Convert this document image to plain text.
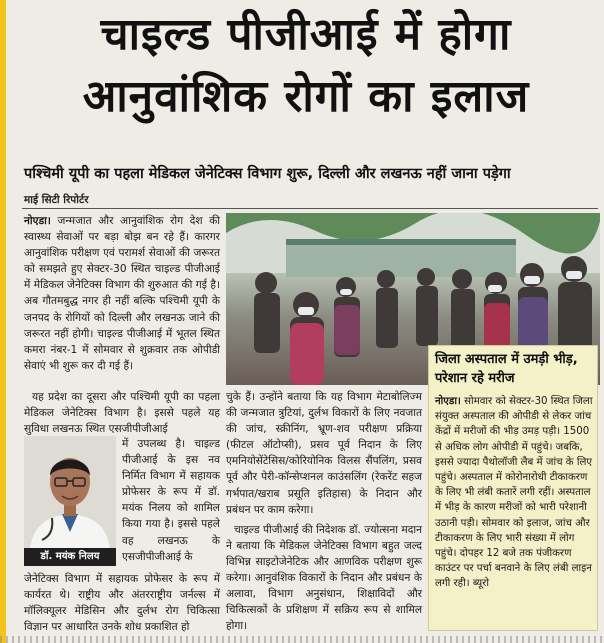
चाइल्ड पीजीआई में होगा आनुवांशिक रोगों का इलाज
पश्चिमी यूपी का पहला मेडिकल जेनेटिक्स विभाग शुरू, दिल्ली और लखनऊ नहीं जाना पड़ेगा
माई सिटी रिपोर्टर

नोएडा। जन्मजात और आनुवांशिक रोग देश की स्वास्थ्य सेवाओं पर बड़ा बोझ बन रहे हैं। कारगर आनुवांशिक परीक्षण एवं परामर्श सेवाओं की जरूरत को समझते हुए सेक्टर-30 स्थित चाइल्ड पीजीआई में मेडिकल जेनेटिक्स विभाग की शुरुआत की गई है। अब गौतमबुद्ध नगर ही नहीं बल्कि पश्चिमी यूपी के जनपद के रोगियों को दिल्ली और लखनऊ जाने की जरूरत नहीं होगी। चाइल्ड पीजीआई में भूतल स्थित कमरा नंबर-1 में सोमवार से शुक्रवार तक ओपीडी सेवाएं भी शुरू कर दी गई हैं।

यह प्रदेश का दूसरा और पश्चिमी यूपी का पहला मेडिकल जेनेटिक्स विभाग है। इससे पहले यह सुविधा लखनऊ स्थित एसजीपीजीआई

डॉ. मयंक निलय

में उपलब्ध है। चाइल्ड पीजीआई के इस नव निर्मित विभाग में सहायक प्रोफेसर के रूप में डॉ. मयंक निलय को शामिल किया गया है। इससे पहले वह लखनऊ के एसजीपीजीआई के

जेनेटिक्स विभाग में सहायक प्रोफेसर के रूप में कार्यरत थे। राष्ट्रीय और अंतरराष्ट्रीय जर्नल्स में मॉलिक्यूलर मेडिसिन और दुर्लभ रोग चिकित्सा विज्ञान पर आधारित उनके शोध प्रकाशित हो

चुके हैं। उन्होंने बताया कि यह विभाग मेटाबोलिज्म की जन्मजात त्रुटियां, दुर्लभ विकारों के लिए नवजात की जांच, स्क्रीनिंग, भ्रूण-शव परीक्षण प्रक्रिया (फीटल ऑटोप्सी), प्रसव पूर्व निदान के लिए एमनियोसेंटेसिस/कोरियोनिक विलस सैंपलिंग, प्रसव पूर्व और पेरी-कॉन्सेप्शनल काउंसलिंग (रेकरेंट सहज गर्भपात/खराब प्रसूति इतिहास) के निदान और प्रबंधन पर काम करेगा।

चाइल्ड पीजीआई की निदेशक डॉ. ज्योत्सना मदान ने बताया कि मेडिकल जेनेटिक्स विभाग बहुत जल्द विभिन्न साइटोजेनेटिक और आणविक परीक्षण शुरू करेगा। आनुवंशिक विकारों के निदान और प्रबंधन के अलावा, विभाग अनुसंधान, शिक्षाविदों और चिकित्सकों के प्रशिक्षण में सक्रिय रूप से शामिल होगा।

जिला अस्पताल में उमड़ी भीड़, परेशान रहे मरीज
नोएडा। सोमवार को सेक्टर-30 स्थित जिला संयुक्त अस्पताल की ओपीडी से लेकर जांच केंद्रों में मरीजों की भीड़ उमड़ पड़ी। 1500 से अधिक लोग ओपीडी में पहुंचे। जबकि, इससे ज्यादा पैथोलॉजी लैब में जांच के लिए पहुंचे। अस्पताल में कोरोनारोधी टीकाकरण के लिए भी लंबी कतारें लगी रहीं। अस्पताल में भीड़ के कारण मरीजों को भारी परेशानी उठानी पड़ी। सोमवार को इलाज, जांच और टीकाकरण के लिए भारी संख्या में लोग पहुंचे। दोपहर 12 बजे तक पंजीकरण काउंटर पर पर्चा बनवाने के लिए लंबी लाइन लगी रही। ब्यूरो
